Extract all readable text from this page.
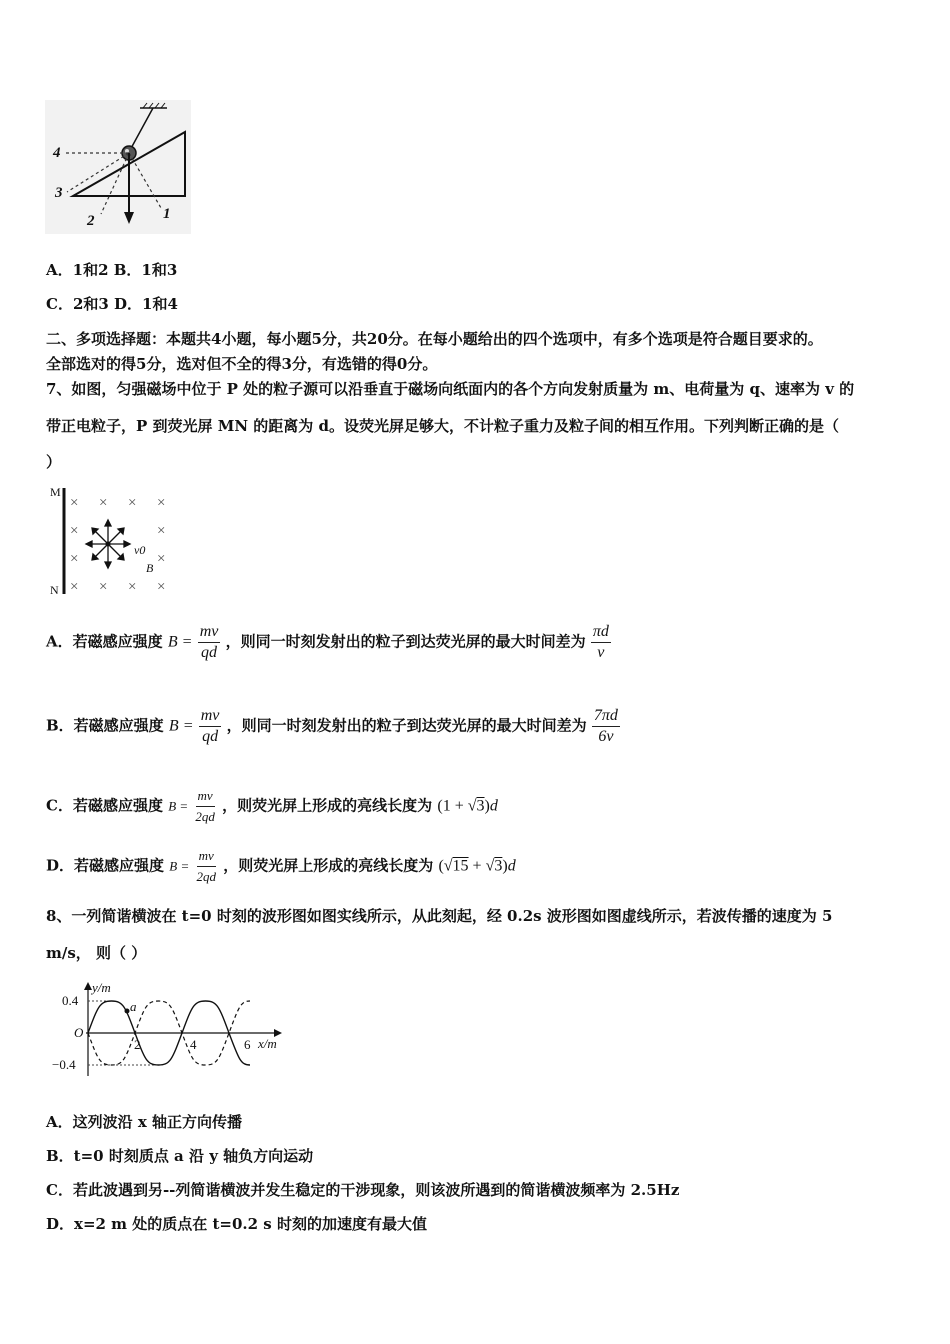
4
3
2	1
A．1和2 B．1和3
C．2和3 D．1和4
二、多项选择题：本题共4小题，每小题5分，共20分。在每小题给出的四个选项中，有多个选项是符合题目要求的。
全部选对的得5分，选对但不全的得3分，有选错的得0分。
7、如图，匀强磁场中位于 P 处的粒子源可以沿垂直于磁场向纸面内的各个方向发射质量为 m、电荷量为 q、速率为 v 的
带正电粒子，P 到荧光屏 MN 的距离为 d。设荧光屏足够大，不计粒子重力及粒子间的相互作用。下列判断正确的是（
）
M
N
× × × ×
×	×
×	×
× × × ×
v0
B
A．若磁感应强度 $B = \frac{mv}{qd}$ ，则同一时刻发射出的粒子到达荧光屏的最大时间差为 $\frac{\pi d}{v}$
B．若磁感应强度 $B = \frac{mv}{qd}$ ，则同一时刻发射出的粒子到达荧光屏的最大时间差为 $\frac{7\pi d}{6v}$
C．若磁感应强度 $B = \frac{mv}{2qd}$ ，则荧光屏上形成的亮线长度为 (1 + √3)d
D．若磁感应强度 $B = \frac{mv}{2qd}$ ，则荧光屏上形成的亮线长度为 (√15 + √3)d
8、一列简谐横波在 t=0 时刻的波形图如图实线所示，从此刻起，经 0.2s 波形图如图虚线所示，若波传播的速度为 5
m/s， 则（ ）
a
y/m
x/m
0.4
−0.4
O
2	4	6
A．这列波沿 x 轴正方向传播
B．t=0 时刻质点 a 沿 y 轴负方向运动
C．若此波遇到另--列简谐横波并发生稳定的干涉现象，则该波所遇到的简谐横波频率为 2.5Hz
D．x=2 m 处的质点在 t=0.2 s 时刻的加速度有最大值
